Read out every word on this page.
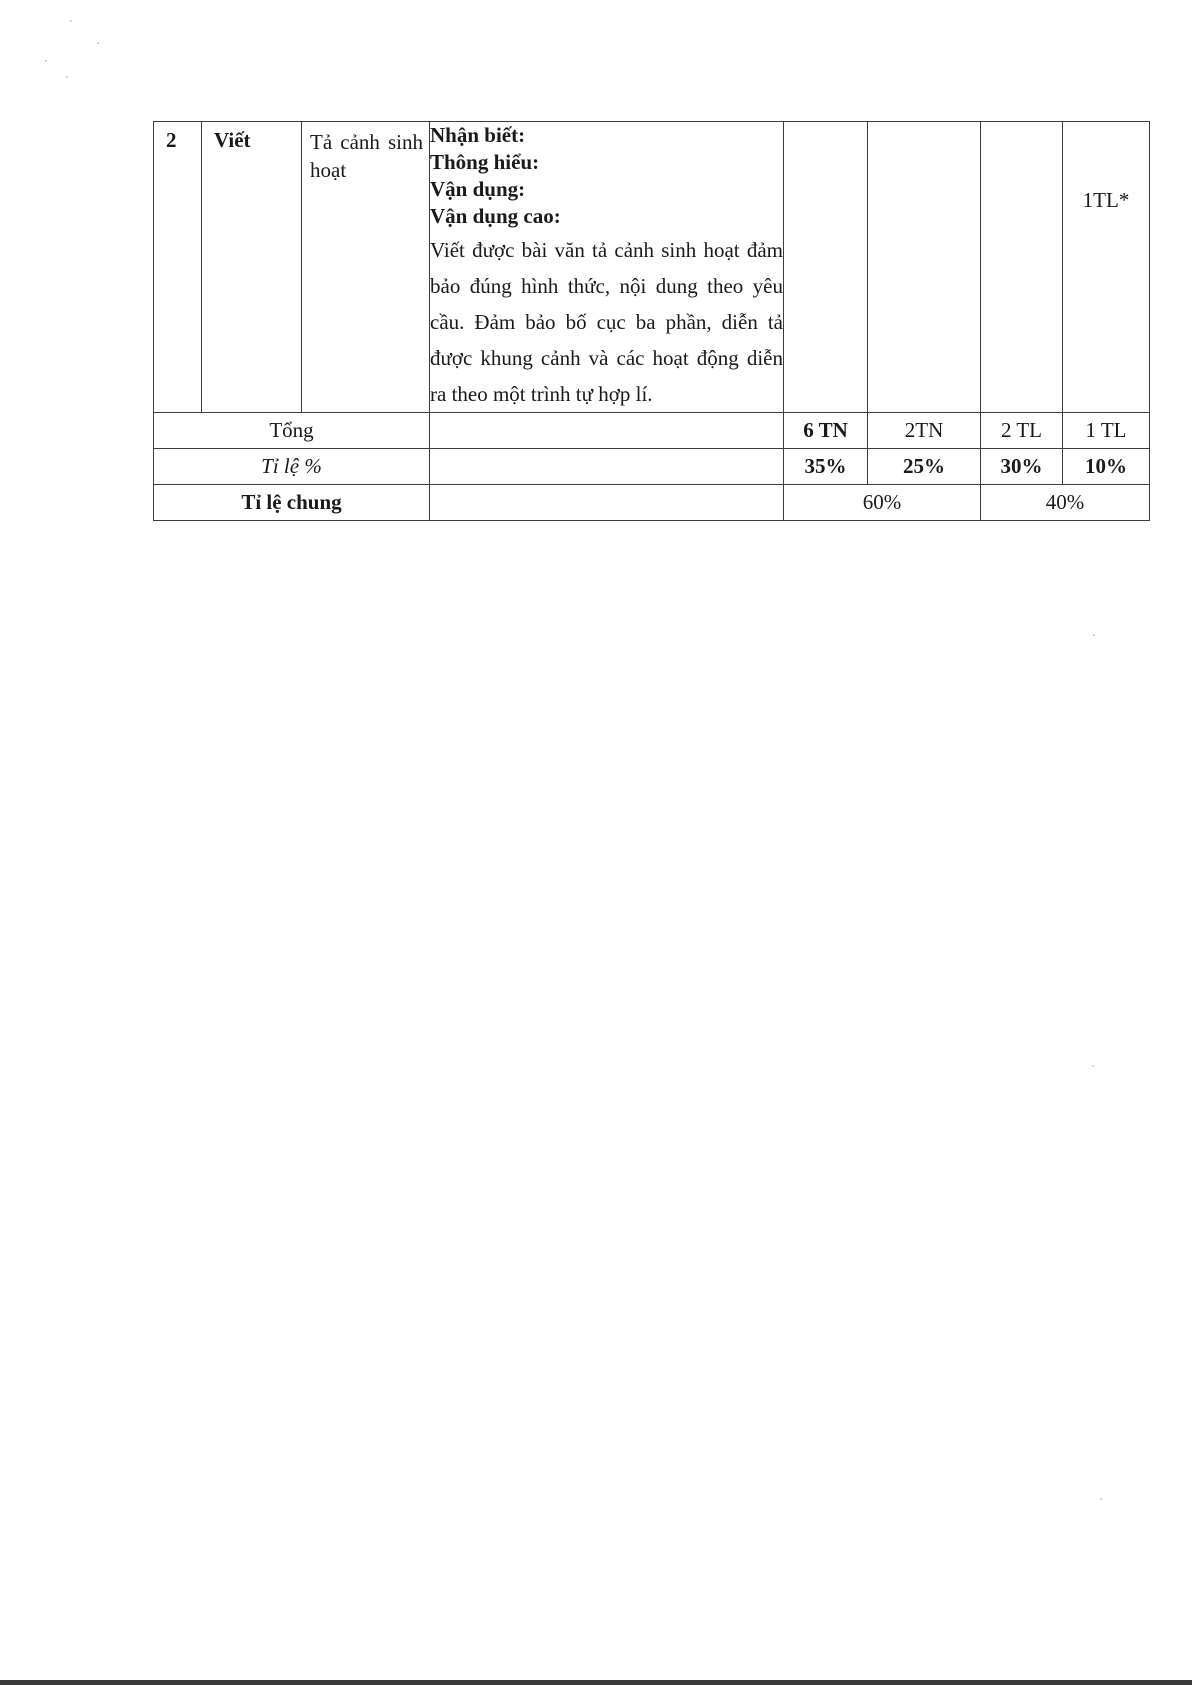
2	Viết	Tả cảnh sinh hoạt	Nhận biết:
Thông hiểu:
Vận dụng:
Vận dụng cao:
Viết được bài văn tả cảnh sinh hoạt đảm bảo đúng hình thức, nội dung theo yêu cầu. Đảm bảo bố cục ba phần, diễn tả được khung cảnh và các hoạt động diễn ra theo một trình tự hợp lí.				1TL*

Tổng				6 TN	2TN	2 TL	1 TL
Tỉ lệ %				35%	25%	30%	10%
Tỉ lệ chung				60%		40%	
